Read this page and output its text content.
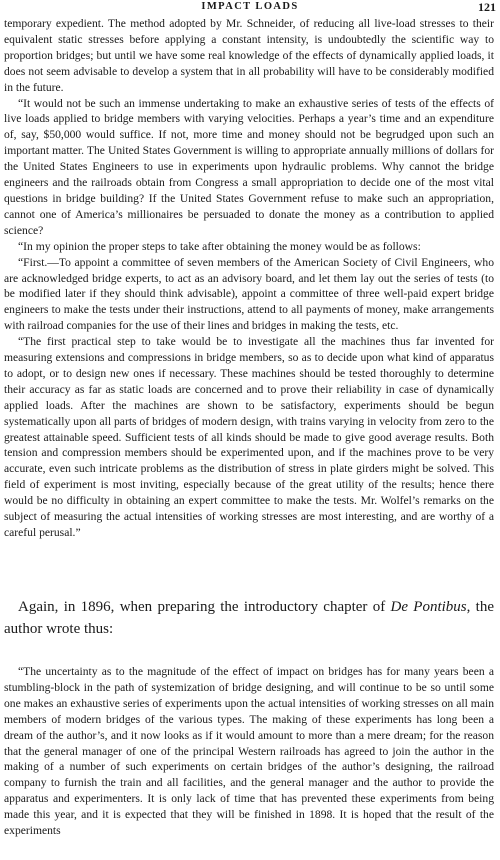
IMPACT LOADS	121

temporary expedient. The method adopted by Mr. Schneider, of reducing all live-load stresses to their equivalent static stresses before applying a constant intensity, is undoubtedly the scientific way to proportion bridges; but until we have some real knowledge of the effects of dynamically applied loads, it does not seem advisable to develop a system that in all probability will have to be considerably modified in the future.

“It would not be such an immense undertaking to make an exhaustive series of tests of the effects of live loads applied to bridge members with varying velocities. Perhaps a year’s time and an expenditure of, say, $50,000 would suffice. If not, more time and money should not be begrudged upon such an important matter. The United States Government is willing to appropriate annually millions of dollars for the United States Engineers to use in experiments upon hydraulic problems. Why cannot the bridge engineers and the railroads obtain from Congress a small appropriation to decide one of the most vital questions in bridge building? If the United States Government refuse to make such an appropriation, cannot one of America’s millionaires be persuaded to donate the money as a contribution to applied science?

“In my opinion the proper steps to take after obtaining the money would be as follows:

“First.—To appoint a committee of seven members of the American Society of Civil Engineers, who are acknowledged bridge experts, to act as an advisory board, and let them lay out the series of tests (to be modified later if they should think advisable), appoint a committee of three well-paid expert bridge engineers to make the tests under their instructions, attend to all payments of money, make arrangements with railroad companies for the use of their lines and bridges in making the tests, etc.

“The first practical step to take would be to investigate all the machines thus far invented for measuring extensions and compressions in bridge members, so as to decide upon what kind of apparatus to adopt, or to design new ones if necessary. These machines should be tested thoroughly to determine their accuracy as far as static loads are concerned and to prove their reliability in case of dynamically applied loads. After the machines are shown to be satisfactory, experiments should be begun systematically upon all parts of bridges of modern design, with trains varying in velocity from zero to the greatest attainable speed. Sufficient tests of all kinds should be made to give good average results. Both tension and compression members should be experimented upon, and if the machines prove to be very accurate, even such intricate problems as the distribution of stress in plate girders might be solved. This field of experiment is most inviting, especially because of the great utility of the results; hence there would be no difficulty in obtaining an expert committee to make the tests. Mr. Wolfel’s remarks on the subject of measuring the actual intensities of working stresses are most interesting, and are worthy of a careful perusal.”

Again, in 1896, when preparing the introductory chapter of De Pontibus, the author wrote thus:

“The uncertainty as to the magnitude of the effect of impact on bridges has for many years been a stumbling-block in the path of systemization of bridge designing, and will continue to be so until some one makes an exhaustive series of experiments upon the actual intensities of working stresses on all main members of modern bridges of the various types. The making of these experiments has long been a dream of the author’s, and it now looks as if it would amount to more than a mere dream; for the reason that the general manager of one of the principal Western railroads has agreed to join the author in the making of a number of such experiments on certain bridges of the author’s designing, the railroad company to furnish the train and all facilities, and the general manager and the author to provide the apparatus and experimenters. It is only lack of time that has prevented these experiments from being made this year, and it is expected that they will be finished in 1898. It is hoped that the result of the experiments
